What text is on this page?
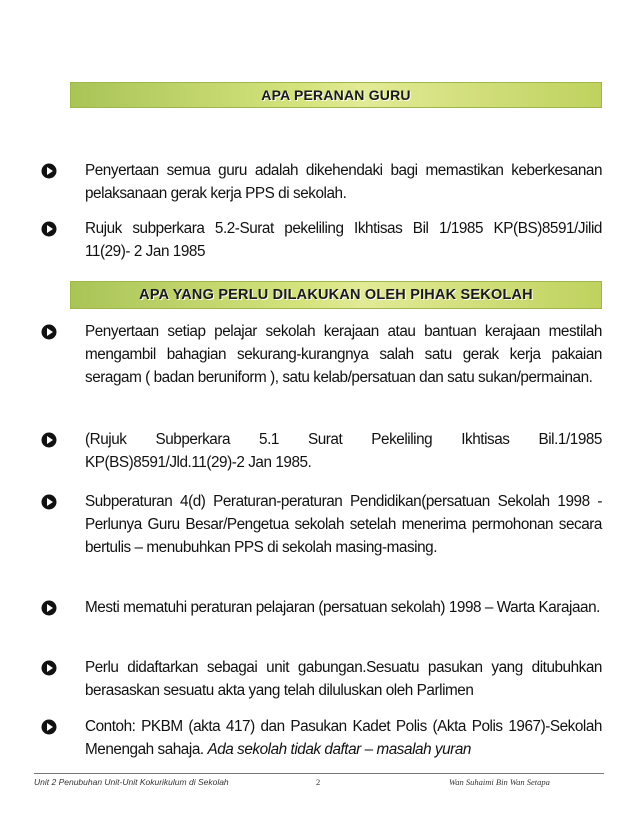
APA PERANAN GURU
Penyertaan semua guru adalah dikehendaki bagi memastikan keberkesanan pelaksanaan gerak kerja PPS di sekolah.
Rujuk subperkara 5.2-Surat pekeliling Ikhtisas Bil 1/1985 KP(BS)8591/Jilid 11(29)- 2 Jan 1985
APA YANG PERLU DILAKUKAN OLEH PIHAK SEKOLAH
Penyertaan setiap pelajar sekolah kerajaan atau bantuan kerajaan mestilah mengambil bahagian sekurang-kurangnya salah satu gerak kerja pakaian seragam ( badan beruniform ), satu kelab/persatuan dan satu sukan/permainan.
(Rujuk Subperkara 5.1 Surat Pekeliling Ikhtisas Bil.1/1985 KP(BS)8591/Jld.11(29)-2 Jan 1985.
Subperaturan 4(d) Peraturan-peraturan Pendidikan(persatuan Sekolah 1998 - Perlunya Guru Besar/Pengetua sekolah setelah menerima permohonan secara bertulis – menubuhkan PPS di sekolah masing-masing.
Mesti mematuhi peraturan pelajaran (persatuan sekolah) 1998 – Warta Karajaan.
Perlu didaftarkan sebagai unit gabungan.Sesuatu pasukan yang ditubuhkan berasaskan sesuatu akta yang telah diluluskan oleh Parlimen
Contoh: PKBM (akta 417) dan Pasukan Kadet Polis (Akta Polis 1967)-Sekolah Menengah sahaja. Ada sekolah tidak daftar – masalah yuran
Unit 2 Penubuhan Unit-Unit Kokurikulum di Sekolah	2	Wan Suhaimi Bin Wan Setapa
